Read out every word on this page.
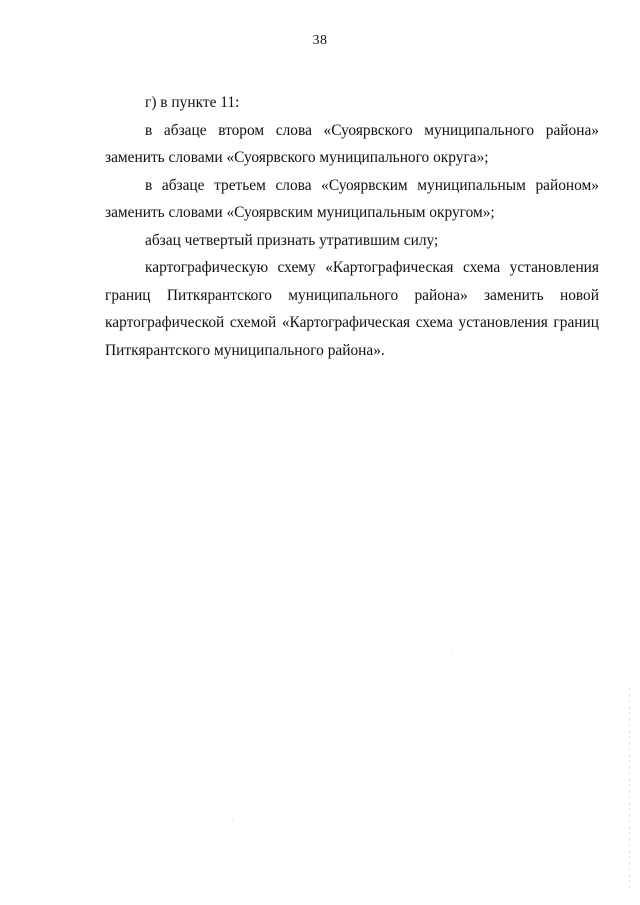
38

г) в пункте 11:

в абзаце втором слова «Суоярвского муниципального района» заменить словами «Суоярвского муниципального округа»;

в абзаце третьем слова «Суоярвским муниципальным районом» заменить словами «Суоярвским муниципальным округом»;

абзац четвертый признать утратившим силу;

картографическую схему «Картографическая схема установления границ Питкярантского муниципального района» заменить новой картографической схемой «Картографическая схема установления границ Питкярантского муниципального района».
